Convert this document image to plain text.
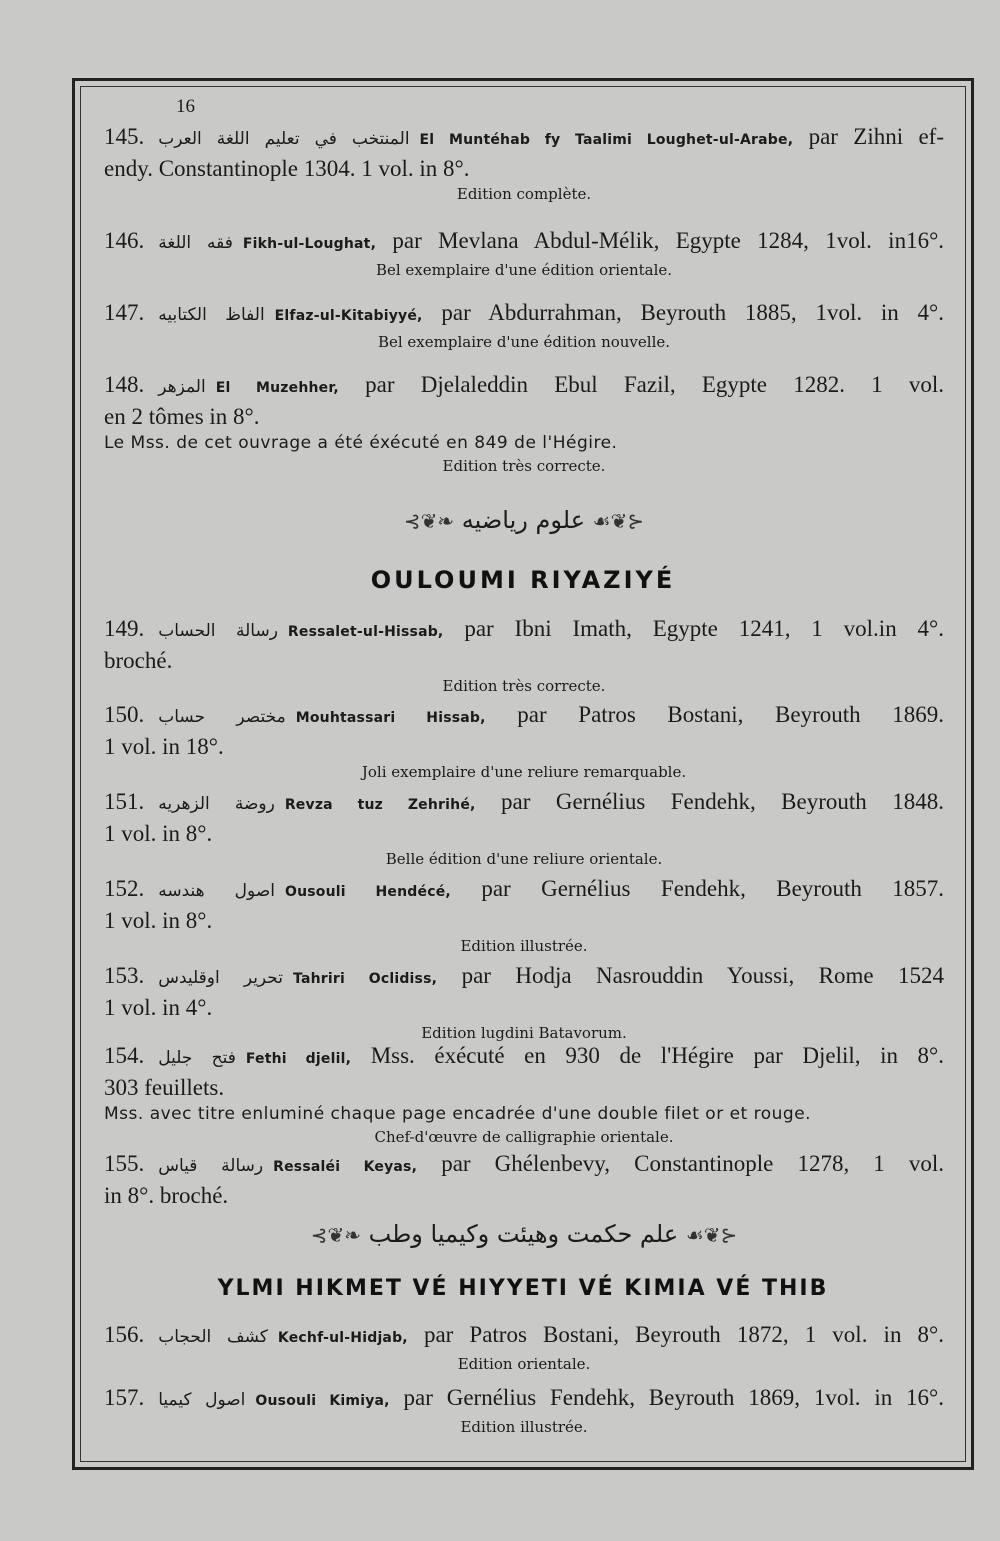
16
145. المنتخب في تعليم اللغة العرب El Muntéhab fy Taalimi Loughet-ul-Arabe, par Zihni ef-
endy. Constantinople 1304. 1 vol. in 8°.
Edition complète.
146. فقه اللغة Fikh-ul-Loughat, par Mevlana Abdul-Mélik, Egypte 1284, 1vol. in16°.
Bel exemplaire d'une édition orientale.
147. الفاظ الكتابيه Elfaz-ul-Kitabiyyé, par Abdurrahman, Beyrouth 1885, 1vol. in 4°.
Bel exemplaire d'une édition nouvelle.
148. المزهر El Muzehher, par Djelaleddin Ebul Fazil, Egypte 1282. 1 vol.
en 2 tômes in 8°.
Le Mss. de cet ouvrage a été éxécuté en 849 de l'Hégire.
Edition très correcte.
⊰❦❧ علوم رياضيه ☙❦⊱
OULOUMI RIYAZIYÉ
149. رسالة الحساب Ressalet-ul-Hissab, par Ibni Imath, Egypte 1241, 1 vol.in 4°.
broché.
Edition très correcte.
150. مختصر حساب Mouhtassari Hissab, par Patros Bostani, Beyrouth 1869.
1 vol. in 18°.
Joli exemplaire d'une reliure remarquable.
151. روضة الزهريه Revza tuz Zehrihé, par Gernélius Fendehk, Beyrouth 1848.
1 vol. in 8°.
Belle édition d'une reliure orientale.
152. اصول هندسه Ousouli Hendécé, par Gernélius Fendehk, Beyrouth 1857.
1 vol. in 8°.
Edition illustrée.
153. تحرير اوقليدس Tahriri Oclidiss, par Hodja Nasrouddin Youssi, Rome 1524
1 vol. in 4°.
Edition lugdini Batavorum.
154. فتح جليل Fethi djelil, Mss. éxécuté en 930 de l'Hégire par Djelil, in 8°.
303 feuillets.
Mss. avec titre enluminé chaque page encadrée d'une double filet or et rouge.
Chef-d'œuvre de calligraphie orientale.
155. رسالة قياس Ressaléi Keyas, par Ghélenbevy, Constantinople 1278, 1 vol.
in 8°. broché.
⊰❦❧ علم حكمت وهيئت وكيميا وطب ☙❦⊱
YLMI HIKMET VÉ HIYYETI VÉ KIMIA VÉ THIB
156. كشف الحجاب Kechf-ul-Hidjab, par Patros Bostani, Beyrouth 1872, 1 vol. in 8°.
Edition orientale.
157. اصول كيميا Ousouli Kimiya, par Gernélius Fendehk, Beyrouth 1869, 1vol. in 16°.
Edition illustrée.
